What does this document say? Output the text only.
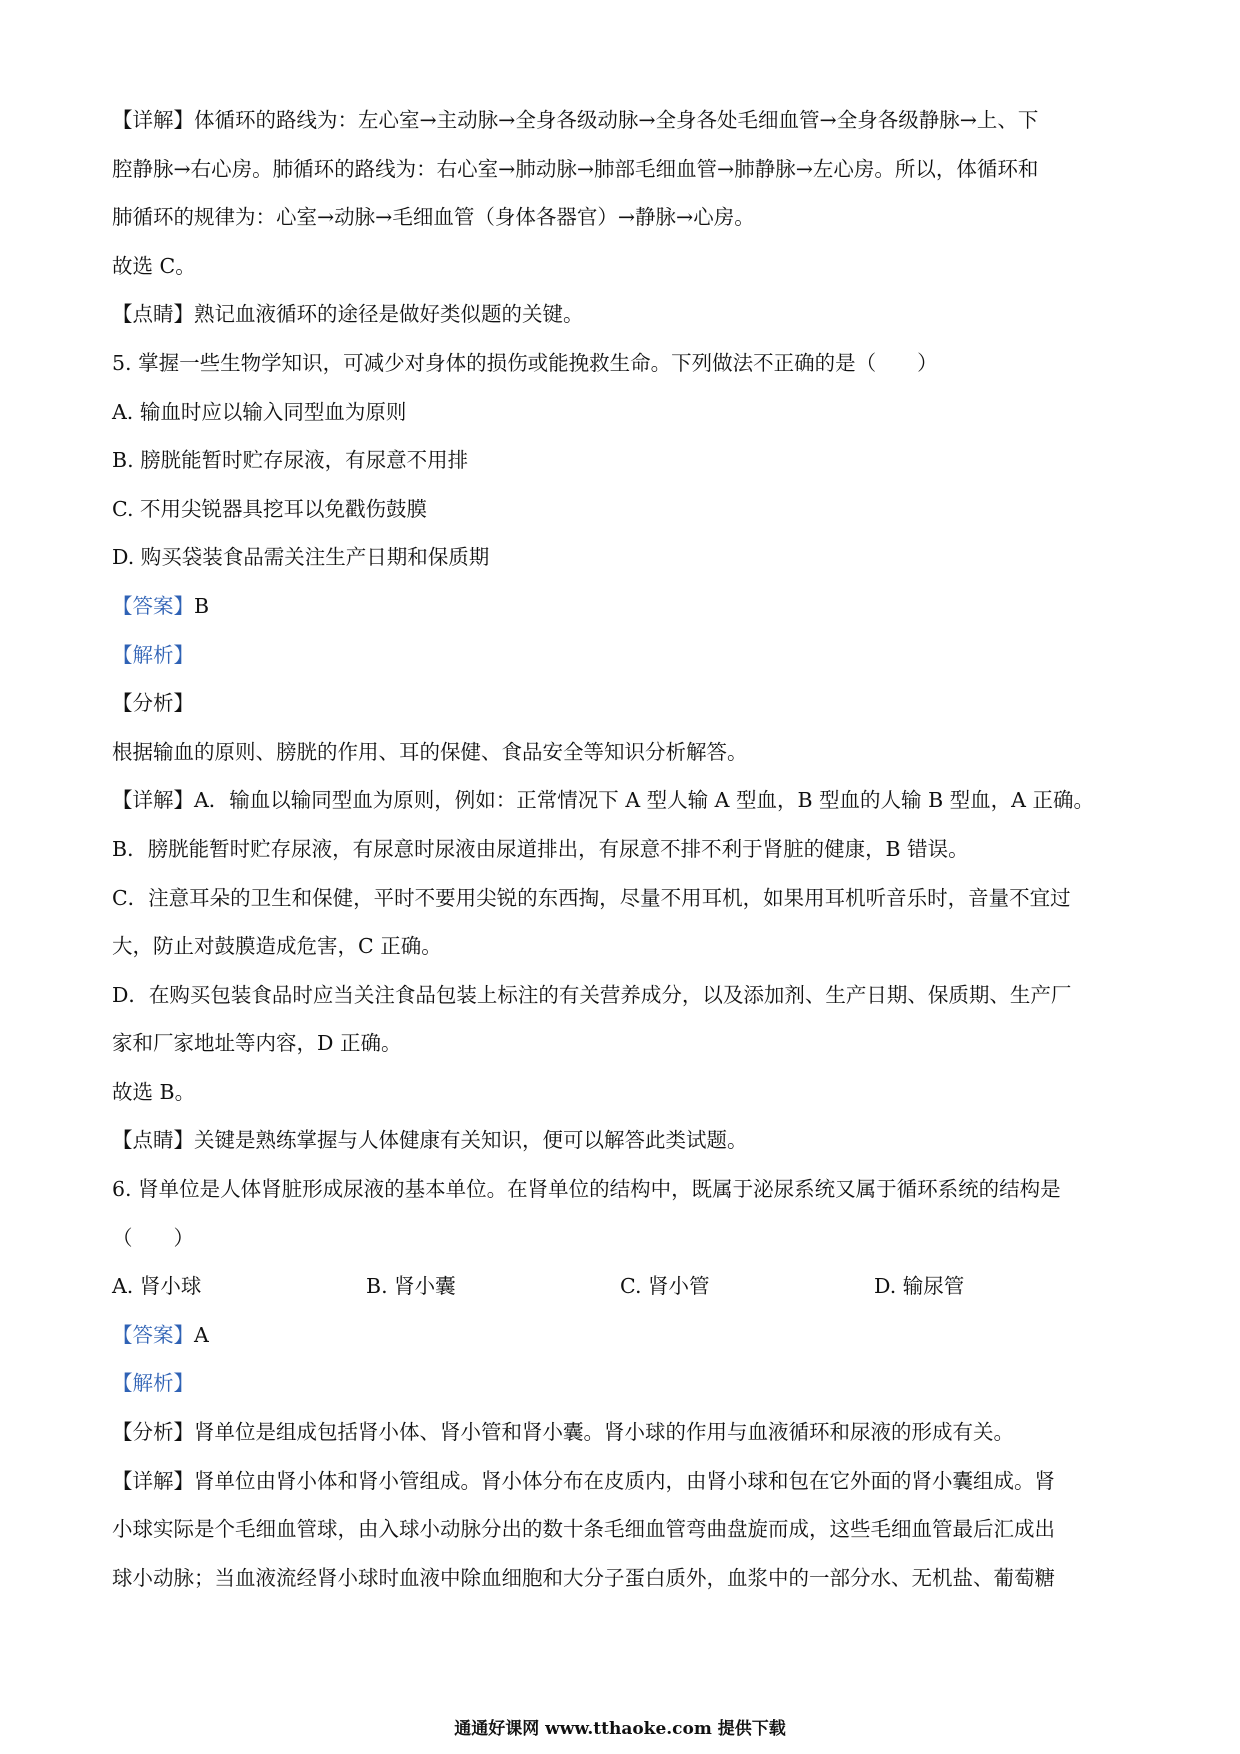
【详解】体循环的路线为：左心室→主动脉→全身各级动脉→全身各处毛细血管→全身各级静脉→上、下
腔静脉→右心房。肺循环的路线为：右心室→肺动脉→肺部毛细血管→肺静脉→左心房。所以，体循环和
肺循环的规律为：心室→动脉→毛细血管（身体各器官）→静脉→心房。
故选 C。
【点睛】熟记血液循环的途径是做好类似题的关键。
5. 掌握一些生物学知识，可减少对身体的损伤或能挽救生命。下列做法不正确的是（　　）
A. 输血时应以输入同型血为原则
B. 膀胱能暂时贮存尿液，有尿意不用排
C. 不用尖锐器具挖耳以免戳伤鼓膜
D. 购买袋装食品需关注生产日期和保质期
【答案】B
【解析】
【分析】
根据输血的原则、膀胱的作用、耳的保健、食品安全等知识分析解答。
【详解】A．输血以输同型血为原则，例如：正常情况下 A 型人输 A 型血，B 型血的人输 B 型血，A 正确。
B．膀胱能暂时贮存尿液，有尿意时尿液由尿道排出，有尿意不排不利于肾脏的健康，B 错误。
C．注意耳朵的卫生和保健，平时不要用尖锐的东西掏，尽量不用耳机，如果用耳机听音乐时，音量不宜过
大，防止对鼓膜造成危害，C 正确。
D．在购买包装食品时应当关注食品包装上标注的有关营养成分，以及添加剂、生产日期、保质期、生产厂
家和厂家地址等内容，D 正确。
故选 B。
【点睛】关键是熟练掌握与人体健康有关知识，便可以解答此类试题。
6. 肾单位是人体肾脏形成尿液的基本单位。在肾单位的结构中，既属于泌尿系统又属于循环系统的结构是
（　　）
A. 肾小球	B. 肾小囊	C. 肾小管	D. 输尿管
【答案】A
【解析】
【分析】肾单位是组成包括肾小体、肾小管和肾小囊。肾小球的作用与血液循环和尿液的形成有关。
【详解】肾单位由肾小体和肾小管组成。肾小体分布在皮质内，由肾小球和包在它外面的肾小囊组成。肾
小球实际是个毛细血管球，由入球小动脉分出的数十条毛细血管弯曲盘旋而成，这些毛细血管最后汇成出
球小动脉；当血液流经肾小球时血液中除血细胞和大分子蛋白质外，血浆中的一部分水、无机盐、葡萄糖
通通好课网 www.tthaoke.com 提供下载
